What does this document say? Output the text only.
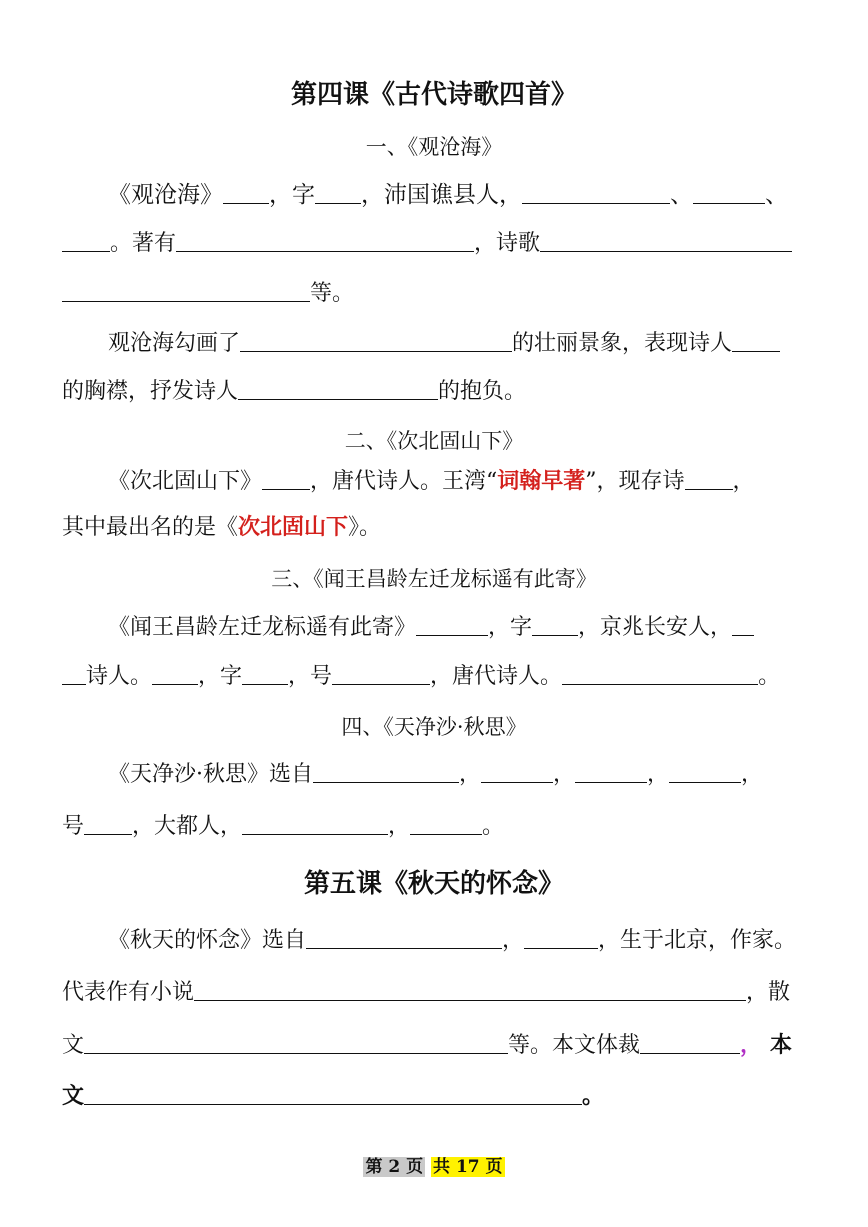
第四课《古代诗歌四首》
一、《观沧海》
《观沧海》 ，字 ，沛国谯县人，	、	、
。著有	，诗歌
等。
观沧海勾画了	的壮丽景象，表现诗人
的胸襟，抒发诗人	的抱负。
二、《次北固山下》
《次北固山下》 ，唐代诗人。王湾“词翰早著”，现存诗 ，
其中最出名的是《次北固山下》。
三、《闻王昌龄左迁龙标遥有此寄》
《闻王昌龄左迁龙标遥有此寄》	，字 ，京兆长安人，
诗人。 ，字 ，号	，唐代诗人。	。
四、《天净沙·秋思》
《天净沙·秋思》选自	，	，	，	，
号 ，大都人，	，	。
第五课《秋天的怀念》
《秋天的怀念》选自	，	，生于北京，作家。
代表作有小说	，散
文	等。本文体裁	， 本
文	。
第 2 页 共 17 页
